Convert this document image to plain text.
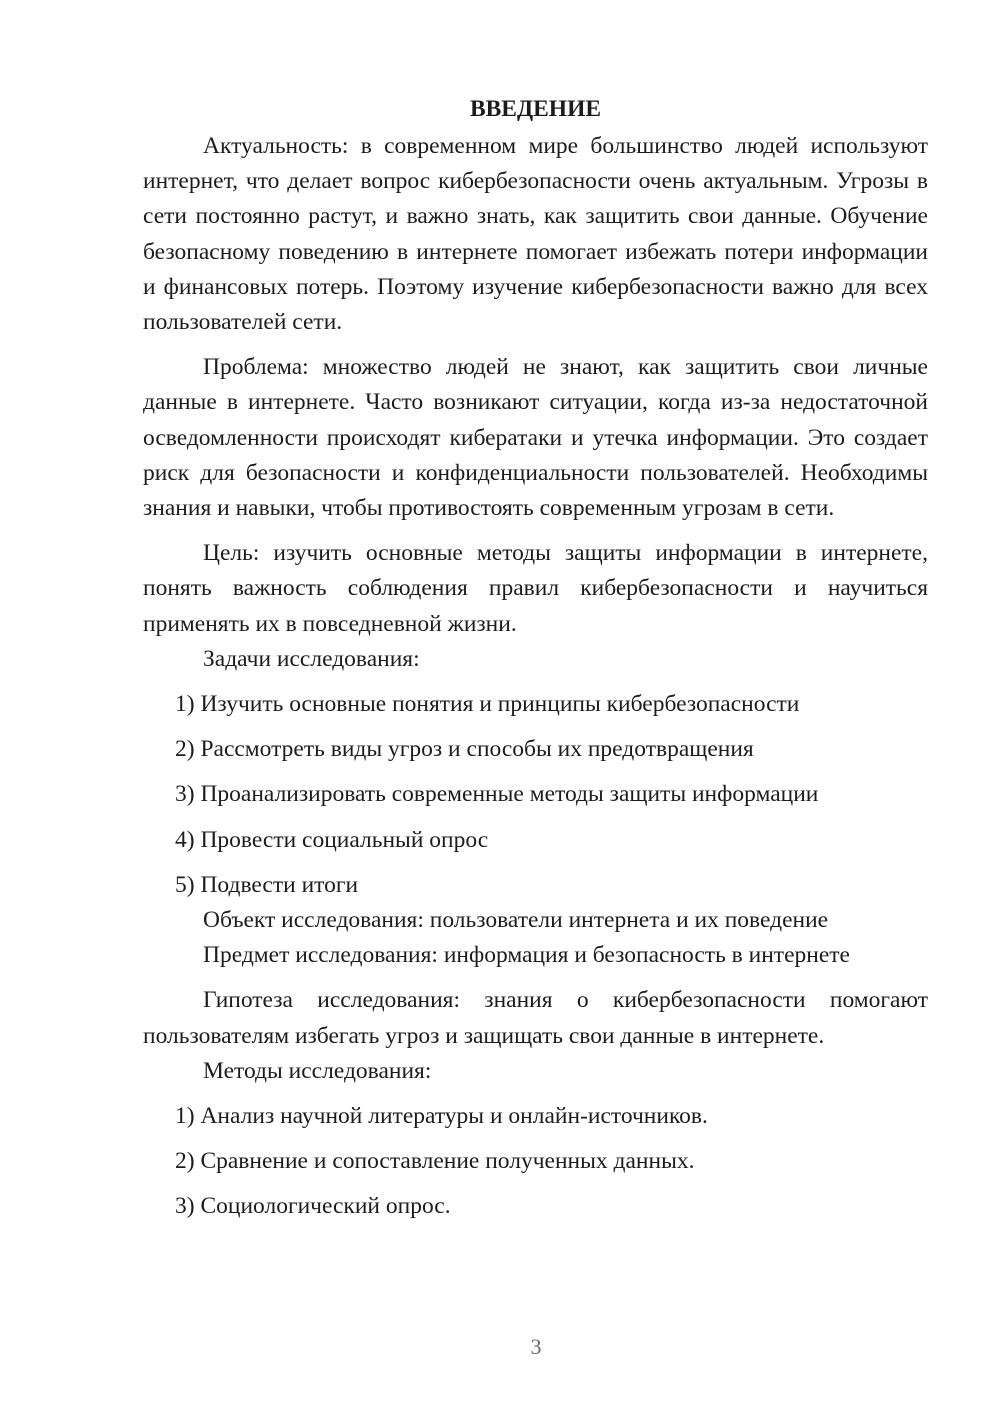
ВВЕДЕНИЕ

Актуальность: в современном мире большинство людей используют интернет, что делает вопрос кибербезопасности очень актуальным. Угрозы в сети постоянно растут, и важно знать, как защитить свои данные. Обучение безопасному поведению в интернете помогает избежать потери информации и финансовых потерь. Поэтому изучение кибербезопасности важно для всех пользователей сети.

Проблема: множество людей не знают, как защитить свои личные данные в интернете. Часто возникают ситуации, когда из-за недостаточной осведомленности происходят кибератаки и утечка информации. Это создает риск для безопасности и конфиденциальности пользователей. Необходимы знания и навыки, чтобы противостоять современным угрозам в сети.

Цель: изучить основные методы защиты информации в интернете, понять важность соблюдения правил кибербезопасности и научиться применять их в повседневной жизни.

Задачи исследования:

1) Изучить основные понятия и принципы кибербезопасности
2) Рассмотреть виды угроз и способы их предотвращения
3) Проанализировать современные методы защиты информации
4) Провести социальный опрос
5) Подвести итоги

Объект исследования: пользователи интернета и их поведение

Предмет исследования: информация и безопасность в интернете

Гипотеза исследования: знания о кибербезопасности помогают пользователям избегать угроз и защищать свои данные в интернете.

Методы исследования:

1) Анализ научной литературы и онлайн-источников.
2) Сравнение и сопоставление полученных данных.
3) Социологический опрос.
3
